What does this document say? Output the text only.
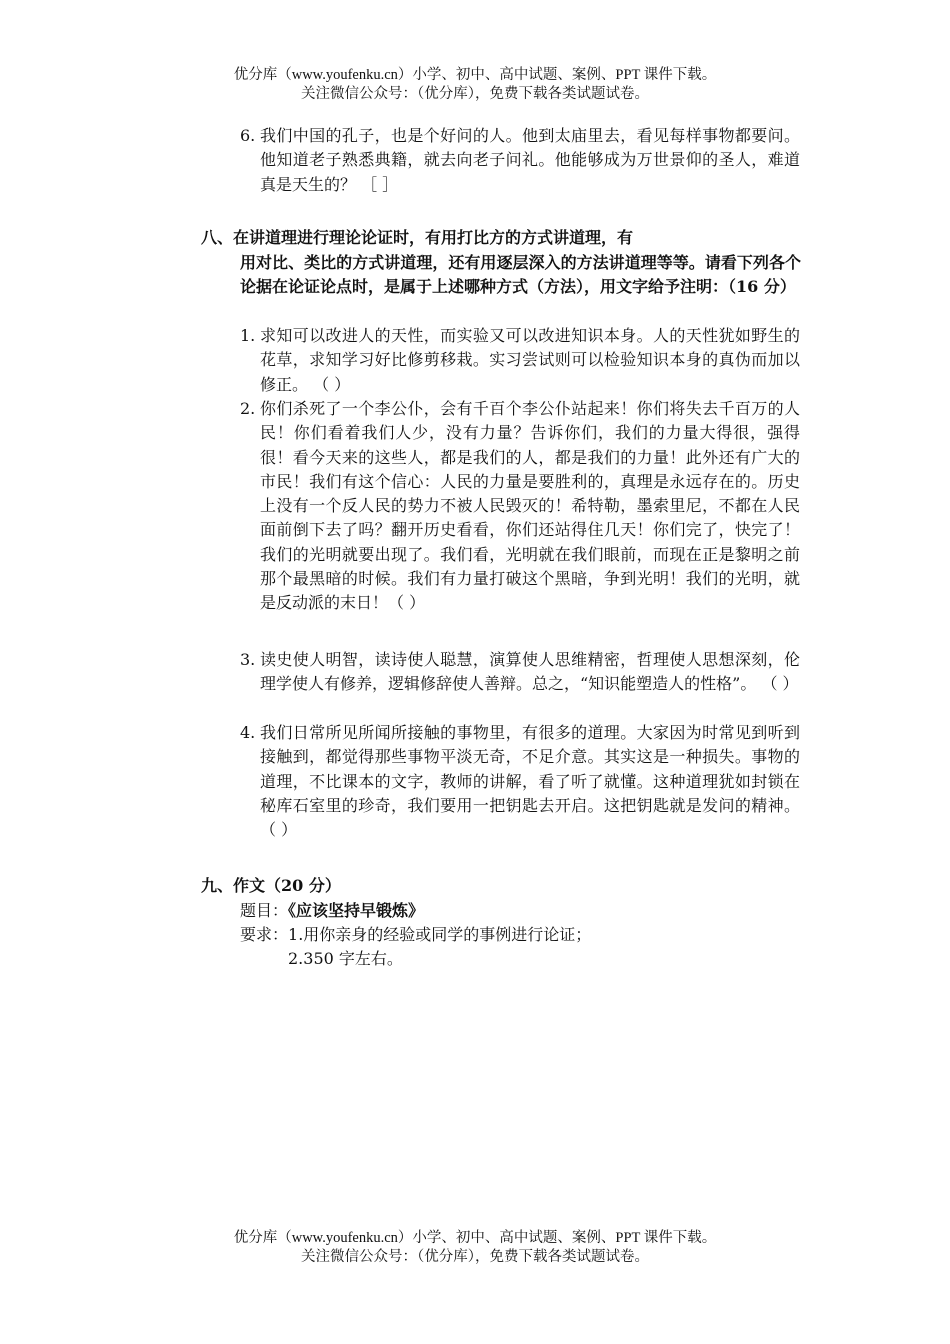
优分库（www.youfenku.cn）小学、初中、高中试题、案例、PPT 课件下载。
关注微信公众号：（优分库），免费下载各类试题试卷。
6. 我们中国的孔子，也是个好问的人。他到太庙里去，看见每样事物都要问。他知道老子熟悉典籍，就去向老子问礼。他能够成为万世景仰的圣人，难道真是天生的？ ［ ］
八、在讲道理进行理论论证时，有用打比方的方式讲道理，有
用对比、类比的方式讲道理，还有用逐层深入的方法讲道理等等。请看下列各个论据在论证论点时，是属于上述哪种方式（方法），用文字给予注明：（16 分）
1. 求知可以改进人的天性，而实验又可以改进知识本身。人的天性犹如野生的花草，求知学习好比修剪移栽。实习尝试则可以检验知识本身的真伪而加以修正。 （ ）
2. 你们杀死了一个李公仆，会有千百个李公仆站起来！你们将失去千百万的人民！你们看着我们人少，没有力量？告诉你们，我们的力量大得很，强得很！看今天来的这些人，都是我们的人，都是我们的力量！此外还有广大的市民！我们有这个信心：人民的力量是要胜利的，真理是永远存在的。历史上没有一个反人民的势力不被人民毁灭的！希特勒，墨索里尼，不都在人民面前倒下去了吗？翻开历史看看，你们还站得住几天！你们完了，快完了！我们的光明就要出现了。我们看，光明就在我们眼前，而现在正是黎明之前那个最黑暗的时候。我们有力量打破这个黑暗，争到光明！我们的光明，就是反动派的末日！（ ）
3. 读史使人明智，读诗使人聪慧，演算使人思维精密，哲理使人思想深刻，伦理学使人有修养，逻辑修辞使人善辩。总之，“知识能塑造人的性格”。 （ ）
4. 我们日常所见所闻所接触的事物里，有很多的道理。大家因为时常见到听到接触到，都觉得那些事物平淡无奇，不足介意。其实这是一种损失。事物的道理，不比课本的文字，教师的讲解，看了听了就懂。这种道理犹如封锁在秘库石室里的珍奇，我们要用一把钥匙去开启。这把钥匙就是发问的精神。 （ ）
九、作文（20 分）
题目：《应该坚持早锻炼》
要求：1.用你亲身的经验或同学的事例进行论证；
2.350 字左右。
优分库（www.youfenku.cn）小学、初中、高中试题、案例、PPT 课件下载。
关注微信公众号：（优分库），免费下载各类试题试卷。
